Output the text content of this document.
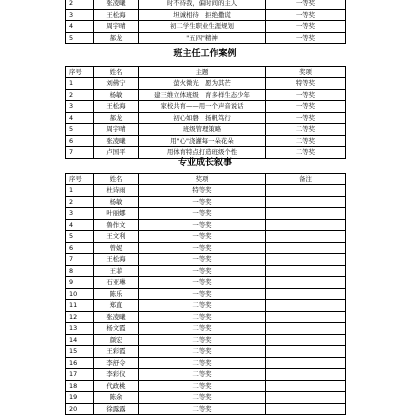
2	张凌曦	时不待我，偏时间的主人	一等奖
3	王松海	坦诚相待　拒绝撒谎	一等奖
4	周宇晴	初二学生职业生涯规划	一等奖
5	郝龙	"五四"精神	一等奖
班主任工作案例
序号	姓名	主题	奖项
1	刘佛宁	萤火微光　愿为其芒	特等奖
2	杨敏	建三维立体班级　育多样生态少年	一等奖
3	王松海	家校共育——用一个声音说话	一等奖
4	郝龙	初心如磐　扬帆笃行	一等奖
5	周宇晴	班级管理策略	二等奖
6	张凌曦	用"心"浇灌每一朵花朵	二等奖
7	卢国平	用体育特点打造班级个性	二等奖
专业成长叙事
序号	姓名	奖项	备注
1	杜诗雨	特等奖	
2	杨敏	一等奖	
3	叶丽娜	一等奖	
4	鲁作文	一等奖	
5	王文利	一等奖	
6	曾妮	一等奖	
7	王松海	一等奖	
8	王菲	一等奖	
9	石亚琳	一等奖	
10	陈乐	一等奖	
11	郑直	二等奖	
12	张凌曦	二等奖	
13	杨文霞	二等奖	
14	颜宏	二等奖	
15	王彩霞	二等奖	
16	李舒令	二等奖	
17	李彩仪	二等奖	
18	代政桃	二等奖	
19	陈余	二等奖	
20	徐露露	二等奖	
